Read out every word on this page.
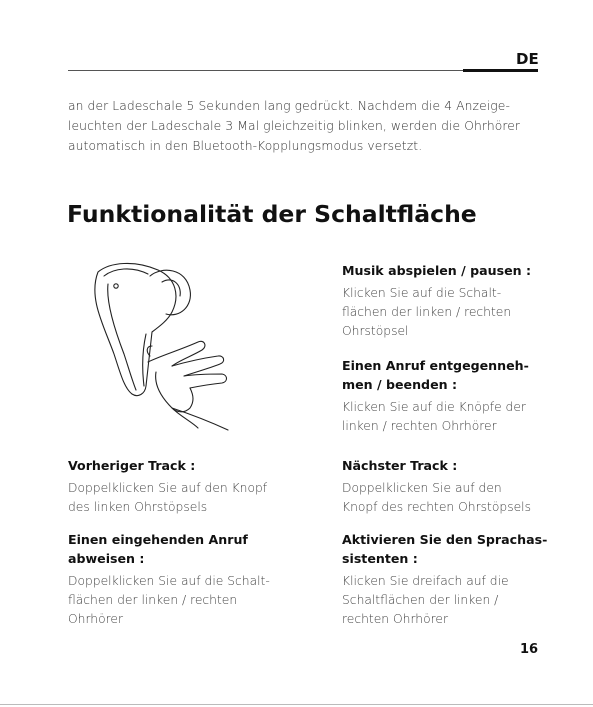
DE
an der Ladeschale 5 Sekunden lang gedrückt. Nachdem die 4 Anzeige-
leuchten der Ladeschale 3 Mal gleichzeitig blinken, werden die Ohrhörer
automatisch in den Bluetooth-Kopplungsmodus versetzt.
Funktionalität der Schaltfläche
Musik abspielen / pausen :
Klicken Sie auf die Schalt-
flächen der linken / rechten
Ohrstöpsel
Einen Anruf entgegenneh-
men / beenden :
Klicken Sie auf die Knöpfe der
linken / rechten Ohrhörer
Vorheriger Track :
Doppelklicken Sie auf den Knopf
des linken Ohrstöpsels
Nächster Track :
Doppelklicken Sie auf den
Knopf des rechten Ohrstöpsels
Einen eingehenden Anruf
abweisen :
Doppelklicken Sie auf die Schalt-
flächen der linken / rechten
Ohrhörer
Aktivieren Sie den Sprachas-
sistenten :
Klicken Sie dreifach auf die
Schaltflächen der linken /
rechten Ohrhörer
16
